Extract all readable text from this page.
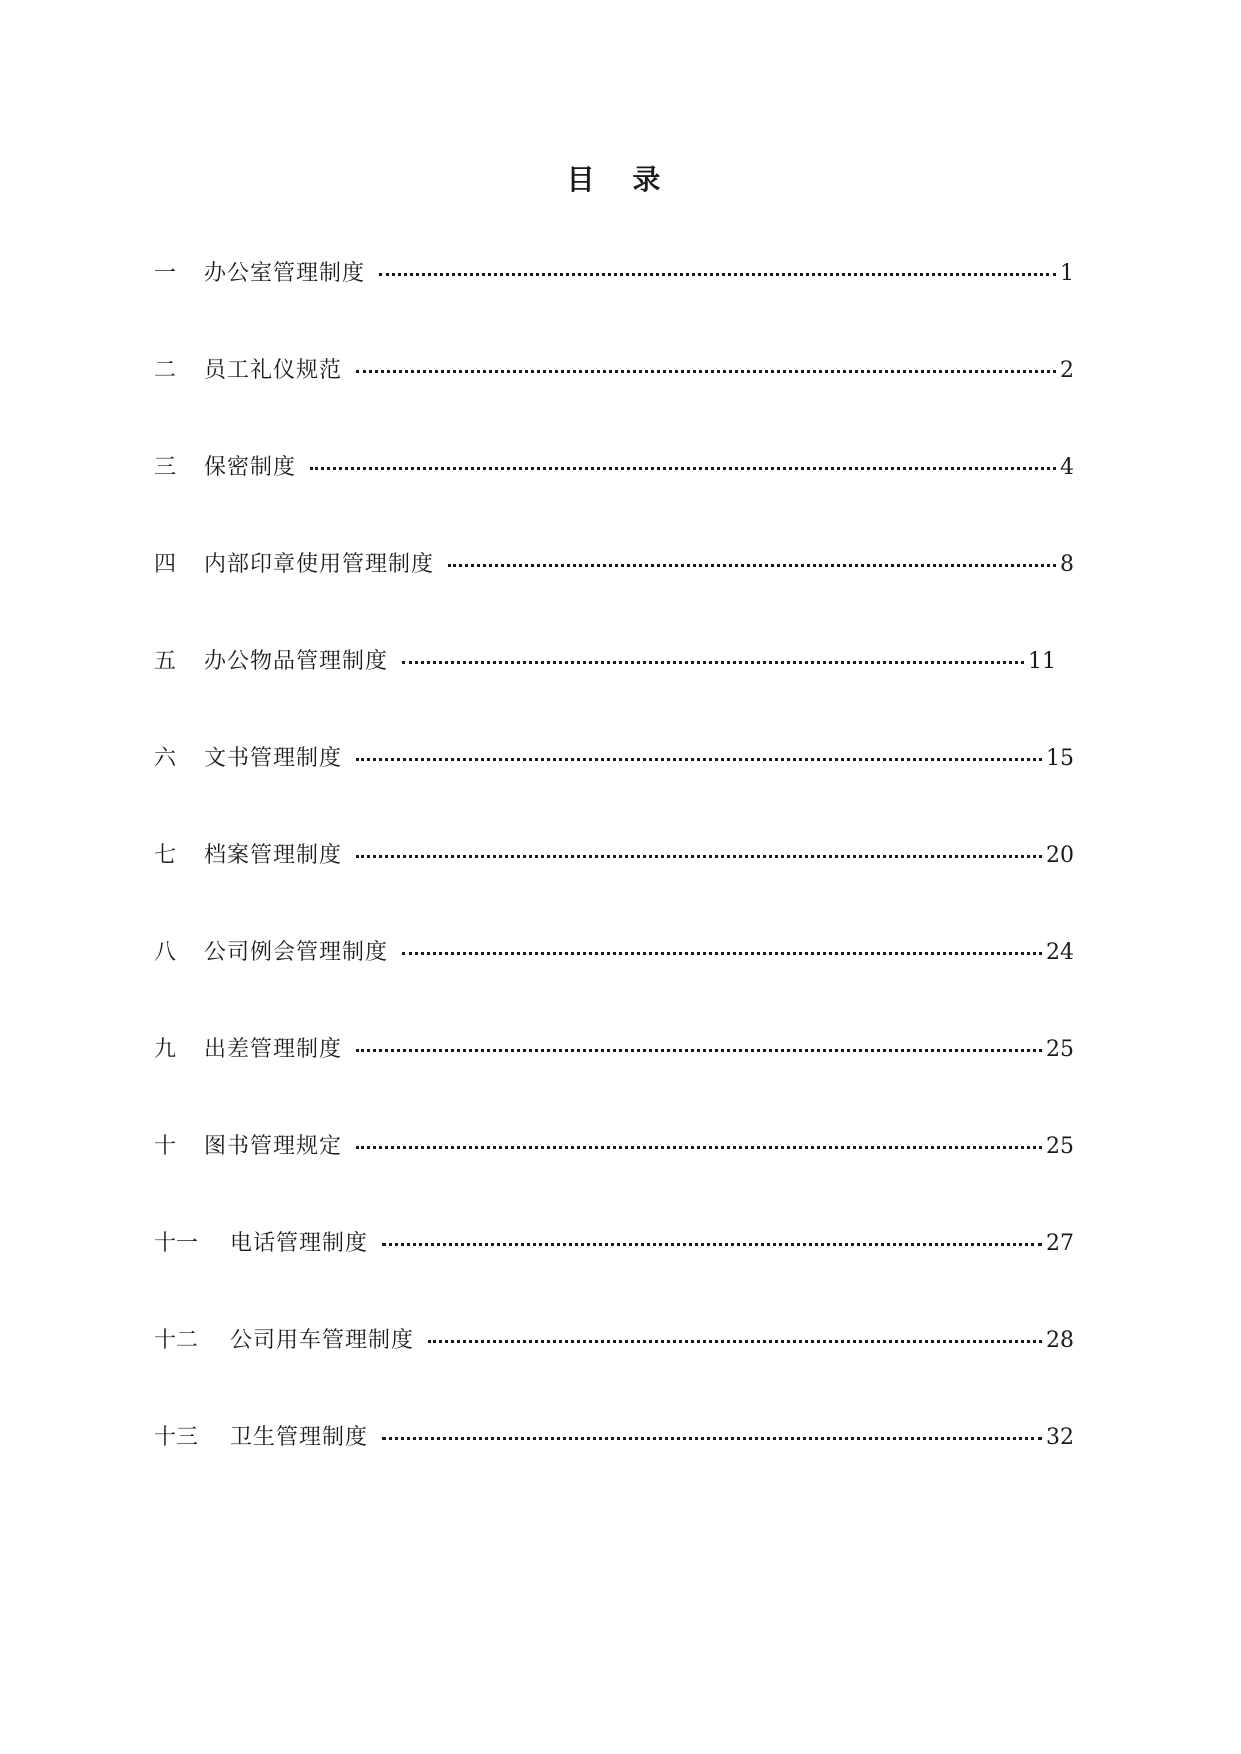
目 录
一	办公室管理制度	1
二	员工礼仪规范	2
三	保密制度	4
四	内部印章使用管理制度	8
五	办公物品管理制度	11
六	文书管理制度	15
七	档案管理制度	20
八	公司例会管理制度	24
九	出差管理制度	25
十	图书管理规定	25
十一	电话管理制度	27
十二	公司用车管理制度	28
十三	卫生管理制度	32
